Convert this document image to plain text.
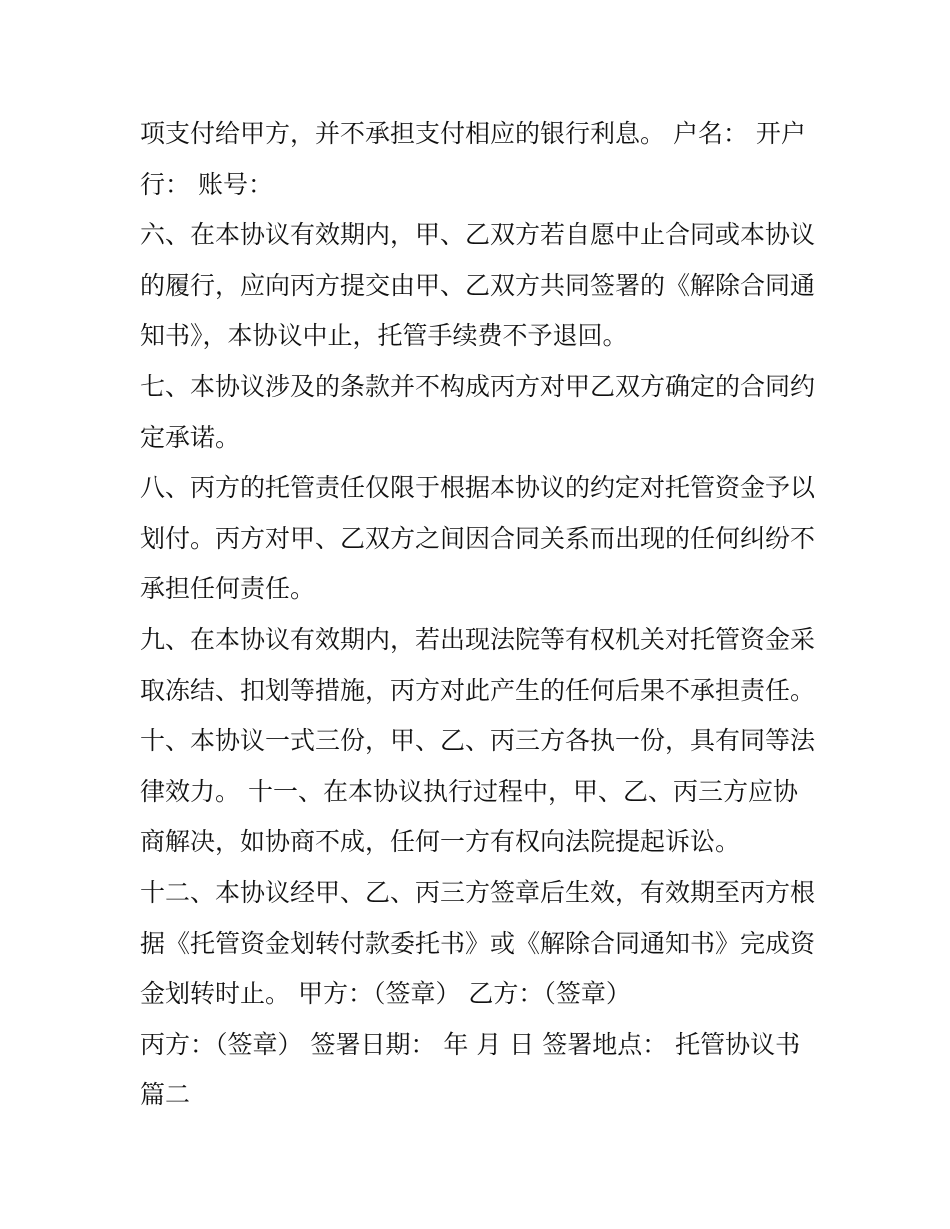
项支付给甲方，并不承担支付相应的银行利息。 户名： 开户
行： 账号：
六、在本协议有效期内，甲、乙双方若自愿中止合同或本协议
的履行，应向丙方提交由甲、乙双方共同签署的《解除合同通
知书》，本协议中止，托管手续费不予退回。
七、本协议涉及的条款并不构成丙方对甲乙双方确定的合同约
定承诺。
八、丙方的托管责任仅限于根据本协议的约定对托管资金予以
划付。丙方对甲、乙双方之间因合同关系而出现的任何纠纷不
承担任何责任。
九、在本协议有效期内，若出现法院等有权机关对托管资金采
取冻结、扣划等措施，丙方对此产生的任何后果不承担责任。
十、本协议一式三份，甲、乙、丙三方各执一份，具有同等法
律效力。 十一、在本协议执行过程中，甲、乙、丙三方应协
商解决，如协商不成，任何一方有权向法院提起诉讼。
十二、本协议经甲、乙、丙三方签章后生效，有效期至丙方根
据《托管资金划转付款委托书》或《解除合同通知书》完成资
金划转时止。 甲方：（签章） 乙方：（签章）
丙方：（签章） 签署日期： 年 月 日 签署地点： 托管协议书
篇二
